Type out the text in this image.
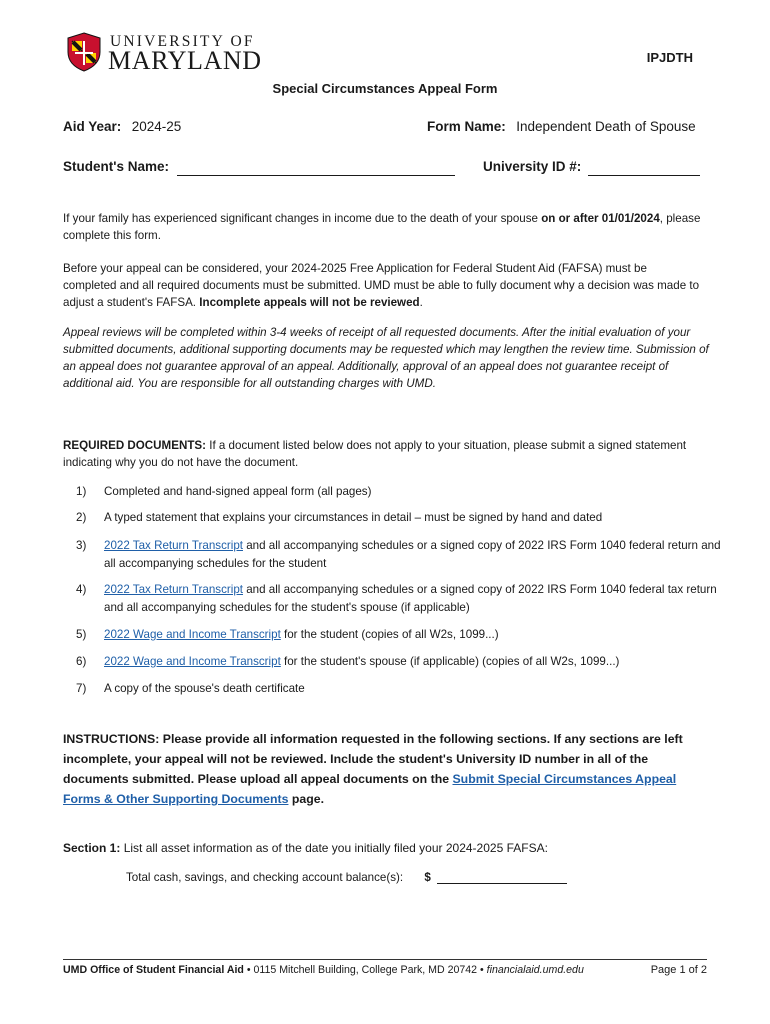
UNIVERSITY OF
MARYLAND	IPJDTH
Special Circumstances Appeal Form
Aid Year: 2024-25	Form Name: Independent Death of Spouse
Student's Name:	University ID #:

If your family has experienced significant changes in income due to the death of your spouse on or after 01/01/2024, please complete this form.

Before your appeal can be considered, your 2024-2025 Free Application for Federal Student Aid (FAFSA) must be completed and all required documents must be submitted. UMD must be able to fully document why a decision was made to adjust a student's FAFSA. Incomplete appeals will not be reviewed.

Appeal reviews will be completed within 3-4 weeks of receipt of all requested documents. After the initial evaluation of your submitted documents, additional supporting documents may be requested which may lengthen the review time. Submission of an appeal does not guarantee approval of an appeal. Additionally, approval of an appeal does not guarantee receipt of additional aid. You are responsible for all outstanding charges with UMD.

REQUIRED DOCUMENTS: If a document listed below does not apply to your situation, please submit a signed statement indicating why you do not have the document.

1) Completed and hand-signed appeal form (all pages)
2) A typed statement that explains your circumstances in detail – must be signed by hand and dated
3) 2022 Tax Return Transcript and all accompanying schedules or a signed copy of 2022 IRS Form 1040 federal return and all accompanying schedules for the student
4) 2022 Tax Return Transcript and all accompanying schedules or a signed copy of 2022 IRS Form 1040 federal tax return and all accompanying schedules for the student's spouse (if applicable)
5) 2022 Wage and Income Transcript for the student (copies of all W2s, 1099...)
6) 2022 Wage and Income Transcript for the student's spouse (if applicable) (copies of all W2s, 1099...)
7) A copy of the spouse's death certificate

INSTRUCTIONS: Please provide all information requested in the following sections. If any sections are left incomplete, your appeal will not be reviewed. Include the student's University ID number in all of the documents submitted. Please upload all appeal documents on the Submit Special Circumstances Appeal Forms & Other Supporting Documents page.

Section 1: List all asset information as of the date you initially filed your 2024-2025 FAFSA:

Total cash, savings, and checking account balance(s): $
UMD Office of Student Financial Aid • 0115 Mitchell Building, College Park, MD 20742 • financialaid.umd.edu	Page 1 of 2
